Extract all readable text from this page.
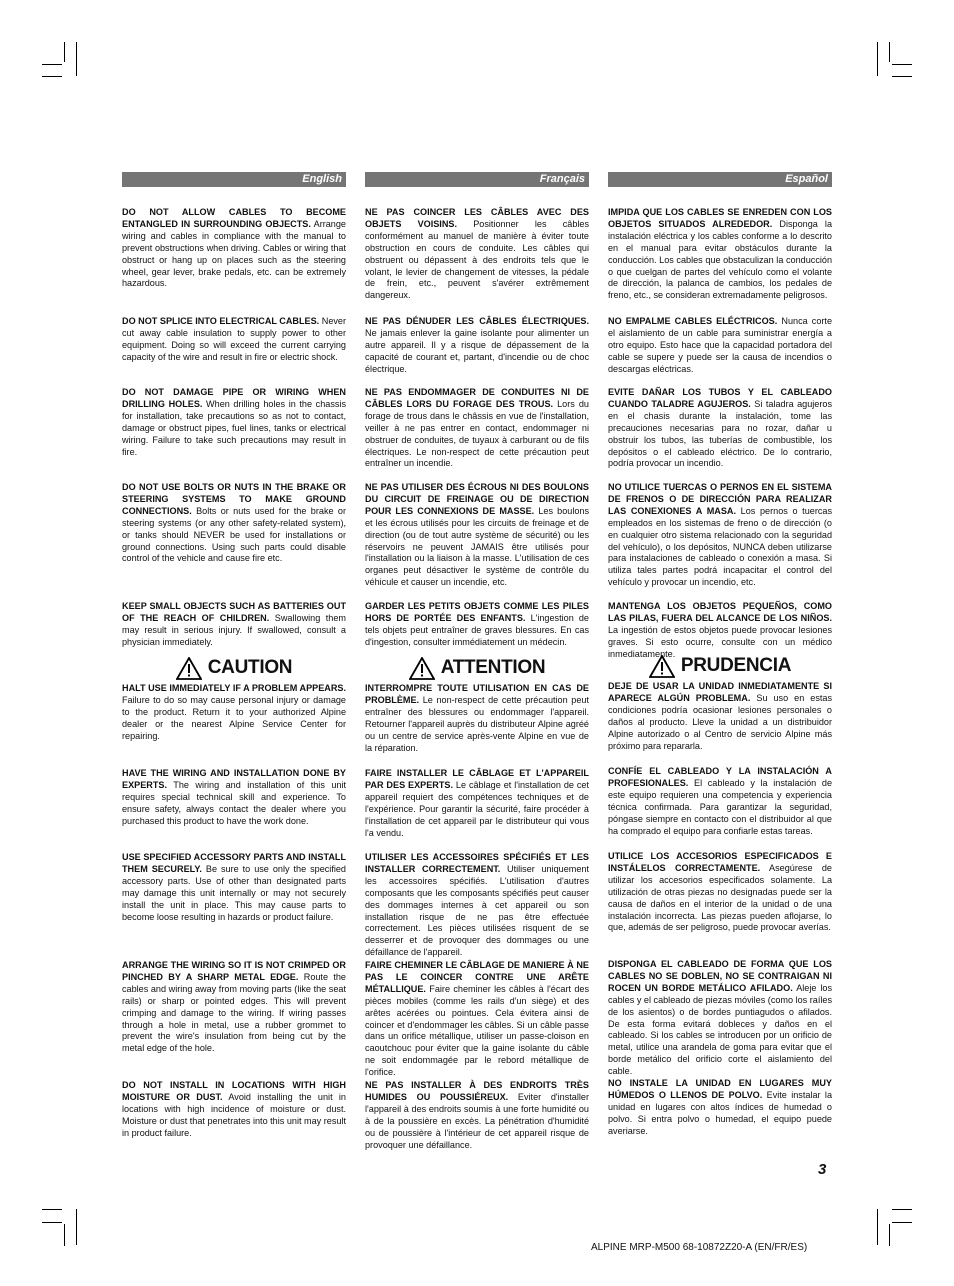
English

DO NOT ALLOW CABLES TO BECOME ENTANGLED IN SURROUNDING OBJECTS. Arrange wiring and cables in compliance with the manual to prevent obstructions when driving. Cables or wiring that obstruct or hang up on places such as the steering wheel, gear lever, brake pedals, etc. can be extremely hazardous.

DO NOT SPLICE INTO ELECTRICAL CABLES. Never cut away cable insulation to supply power to other equipment. Doing so will exceed the current carrying capacity of the wire and result in fire or electric shock.

DO NOT DAMAGE PIPE OR WIRING WHEN DRILLING HOLES. When drilling holes in the chassis for installation, take precautions so as not to contact, damage or obstruct pipes, fuel lines, tanks or electrical wiring. Failure to take such precautions may result in fire.

DO NOT USE BOLTS OR NUTS IN THE BRAKE OR STEERING SYSTEMS TO MAKE GROUND CONNECTIONS. Bolts or nuts used for the brake or steering systems (or any other safety-related system), or tanks should NEVER be used for installations or ground connections. Using such parts could disable control of the vehicle and cause fire etc.

KEEP SMALL OBJECTS SUCH AS BATTERIES OUT OF THE REACH OF CHILDREN. Swallowing them may result in serious injury. If swallowed, consult a physician immediately.

CAUTION

HALT USE IMMEDIATELY IF A PROBLEM APPEARS. Failure to do so may cause personal injury or damage to the product. Return it to your authorized Alpine dealer or the nearest Alpine Service Center for repairing.

HAVE THE WIRING AND INSTALLATION DONE BY EXPERTS. The wiring and installation of this unit requires special technical skill and experience. To ensure safety, always contact the dealer where you purchased this product to have the work done.

USE SPECIFIED ACCESSORY PARTS AND INSTALL THEM SECURELY. Be sure to use only the specified accessory parts. Use of other than designated parts may damage this unit internally or may not securely install the unit in place. This may cause parts to become loose resulting in hazards or product failure.

ARRANGE THE WIRING SO IT IS NOT CRIMPED OR PINCHED BY A SHARP METAL EDGE. Route the cables and wiring away from moving parts (like the seat rails) or sharp or pointed edges. This will prevent crimping and damage to the wiring. If wiring passes through a hole in metal, use a rubber grommet to prevent the wire's insulation from being cut by the metal edge of the hole.

DO NOT INSTALL IN LOCATIONS WITH HIGH MOISTURE OR DUST. Avoid installing the unit in locations with high incidence of moisture or dust. Moisture or dust that penetrates into this unit may result in product failure.

Français

NE PAS COINCER LES CÂBLES AVEC DES OBJETS VOISINS. Positionner les câbles conformément au manuel de manière à éviter toute obstruction en cours de conduite. Les câbles qui obstruent ou dépassent à des endroits tels que le volant, le levier de changement de vitesses, la pédale de frein, etc., peuvent s'avérer extrêmement dangereux.

NE PAS DÉNUDER LES CÂBLES ÉLECTRIQUES. Ne jamais enlever la gaine isolante pour alimenter un autre appareil. Il y a risque de dépassement de la capacité de courant et, partant, d'incendie ou de choc électrique.

NE PAS ENDOMMAGER DE CONDUITES NI DE CÂBLES LORS DU FORAGE DES TROUS. Lors du forage de trous dans le châssis en vue de l'installation, veiller à ne pas entrer en contact, endommager ni obstruer de conduites, de tuyaux à carburant ou de fils électriques. Le non-respect de cette précaution peut entraîner un incendie.

NE PAS UTILISER DES ÉCROUS NI DES BOULONS DU CIRCUIT DE FREINAGE OU DE DIRECTION POUR LES CONNEXIONS DE MASSE. Les boulons et les écrous utilisés pour les circuits de freinage et de direction (ou de tout autre système de sécurité) ou les réservoirs ne peuvent JAMAIS être utilisés pour l'installation ou la liaison à la masse. L'utilisation de ces organes peut désactiver le système de contrôle du véhicule et causer un incendie, etc.

GARDER LES PETITS OBJETS COMME LES PILES HORS DE PORTÉE DES ENFANTS. L'ingestion de tels objets peut entraîner de graves blessures. En cas d'ingestion, consulter immédiatement un médecin.

ATTENTION

INTERROMPRE TOUTE UTILISATION EN CAS DE PROBLÈME. Le non-respect de cette précaution peut entraîner des blessures ou endommager l'appareil. Retourner l'appareil auprès du distributeur Alpine agréé ou un centre de service après-vente Alpine en vue de la réparation.

FAIRE INSTALLER LE CÂBLAGE ET L'APPAREIL PAR DES EXPERTS. Le câblage et l'installation de cet appareil requiert des compétences techniques et de l'expérience. Pour garantir la sécurité, faire procéder à l'installation de cet appareil par le distributeur qui vous l'a vendu.

UTILISER LES ACCESSOIRES SPÉCIFIÉS ET LES INSTALLER CORRECTEMENT. Utiliser uniquement les accessoires spécifiés. L'utilisation d'autres composants que les composants spécifiés peut causer des dommages internes à cet appareil ou son installation risque de ne pas être effectuée correctement. Les pièces utilisées risquent de se desserrer et de provoquer des dommages ou une défaillance de l'appareil.

FAIRE CHEMINER LE CÂBLAGE DE MANIERE À NE PAS LE COINCER CONTRE UNE ARÊTE MÉTALLIQUE. Faire cheminer les câbles à l'écart des pièces mobiles (comme les rails d'un siège) et des arêtes acérées ou pointues. Cela évitera ainsi de coincer et d'endommager les câbles. Si un câble passe dans un orifice métallique, utiliser un passe-cloison en caoutchouc pour éviter que la gaine isolante du câble ne soit endommagée par le rebord métallique de l'orifice.

NE PAS INSTALLER À DES ENDROITS TRÈS HUMIDES OU POUSSIÉREUX. Eviter d'installer l'appareil à des endroits soumis à une forte humidité ou à de la poussière en excès. La pénétration d'humidité ou de poussière à l'intérieur de cet appareil risque de provoquer une défaillance.

Español

IMPIDA QUE LOS CABLES SE ENREDEN CON LOS OBJETOS SITUADOS ALREDEDOR. Disponga la instalación eléctrica y los cables conforme a lo descrito en el manual para evitar obstáculos durante la conducción. Los cables que obstaculizan la conducción o que cuelgan de partes del vehículo como el volante de dirección, la palanca de cambios, los pedales de freno, etc., se consideran extremadamente peligrosos.

NO EMPALME CABLES ELÉCTRICOS. Nunca corte el aislamiento de un cable para suministrar energía a otro equipo. Esto hace que la capacidad portadora del cable se supere y puede ser la causa de incendios o descargas eléctricas.

EVITE DAÑAR LOS TUBOS Y EL CABLEADO CUANDO TALADRE AGUJEROS. Si taladra agujeros en el chasis durante la instalación, tome las precauciones necesarias para no rozar, dañar u obstruir los tubos, las tuberías de combustible, los depósitos o el cableado eléctrico. De lo contrario, podría provocar un incendio.

NO UTILICE TUERCAS O PERNOS EN EL SISTEMA DE FRENOS O DE DIRECCIÓN PARA REALIZAR LAS CONEXIONES A MASA. Los pernos o tuercas empleados en los sistemas de freno o de dirección (o en cualquier otro sistema relacionado con la seguridad del vehículo), o los depósitos, NUNCA deben utilizarse para instalaciones de cableado o conexión a masa. Si utiliza tales partes podrá incapacitar el control del vehículo y provocar un incendio, etc.

MANTENGA LOS OBJETOS PEQUEÑOS, COMO LAS PILAS, FUERA DEL ALCANCE DE LOS NIÑOS. La ingestión de estos objetos puede provocar lesiones graves. Si esto ocurre, consulte con un médico inmediatamente.

PRUDENCIA

DEJE DE USAR LA UNIDAD INMEDIATAMENTE SI APARECE ALGÚN PROBLEMA. Su uso en estas condiciones podría ocasionar lesiones personales o daños al producto. Lleve la unidad a un distribuidor Alpine autorizado o al Centro de servicio Alpine más próximo para repararla.

CONFÍE EL CABLEADO Y LA INSTALACIÓN A PROFESIONALES. El cableado y la instalación de este equipo requieren una competencia y experiencia técnica confirmada. Para garantizar la seguridad, póngase siempre en contacto con el distribuidor al que ha comprado el equipo para confiarle estas tareas.

UTILICE LOS ACCESORIOS ESPECIFICADOS E INSTÁLELOS CORRECTAMENTE. Asegúrese de utilizar los accesorios especificados solamente. La utilización de otras piezas no designadas puede ser la causa de daños en el interior de la unidad o de una instalación incorrecta. Las piezas pueden aflojarse, lo que, además de ser peligroso, puede provocar averías.

DISPONGA EL CABLEADO DE FORMA QUE LOS CABLES NO SE DOBLEN, NO SE CONTRAIGAN NI ROCEN UN BORDE METÁLICO AFILADO. Aleje los cables y el cableado de piezas móviles (como los raíles de los asientos) o de bordes puntiagudos o afilados. De esta forma evitará dobleces y daños en el cableado. Si los cables se introducen por un orificio de metal, utilice una arandela de goma para evitar que el borde metálico del orificio corte el aislamiento del cable.

NO INSTALE LA UNIDAD EN LUGARES MUY HÚMEDOS O LLENOS DE POLVO. Evite instalar la unidad en lugares con altos índices de humedad o polvo. Si entra polvo o humedad, el equipo puede averiarse.

3
ALPINE MRP-M500 68-10872Z20-A (EN/FR/ES)
